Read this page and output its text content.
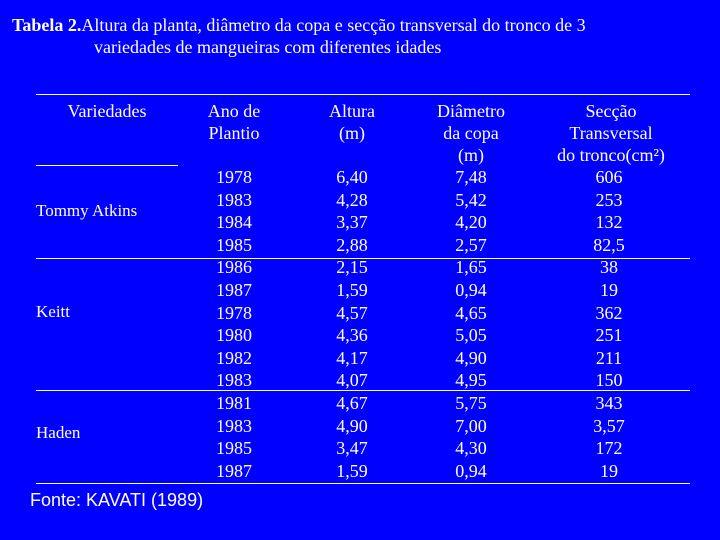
Tabela 2.Altura da planta, diâmetro da copa e secção transversal do tronco de 3
variedades de mangueiras com diferentes idades
Variedades	Ano de
Plantio
Altura
(m)
Diâmetro
da copa
(m)
Secção
Transversal
do tronco(cm²)
Tommy Atkins
Keitt
Haden
1978
1983
1984
1985
1986
1987
1978
1980
1982
1983
1981
1983
1985
1987
6,40
4,28
3,37
2,88
2,15
1,59
4,57
4,36
4,17
4,07
4,67
4,90
3,47
1,59
7,48
5,42
4,20
2,57
1,65
0,94
4,65
5,05
4,90
4,95
5,75
7,00
4,30
0,94
606
253
132
82,5
38
19
362
251
211
150
343
3,57
172
19
Fonte: KAVATI (1989)
